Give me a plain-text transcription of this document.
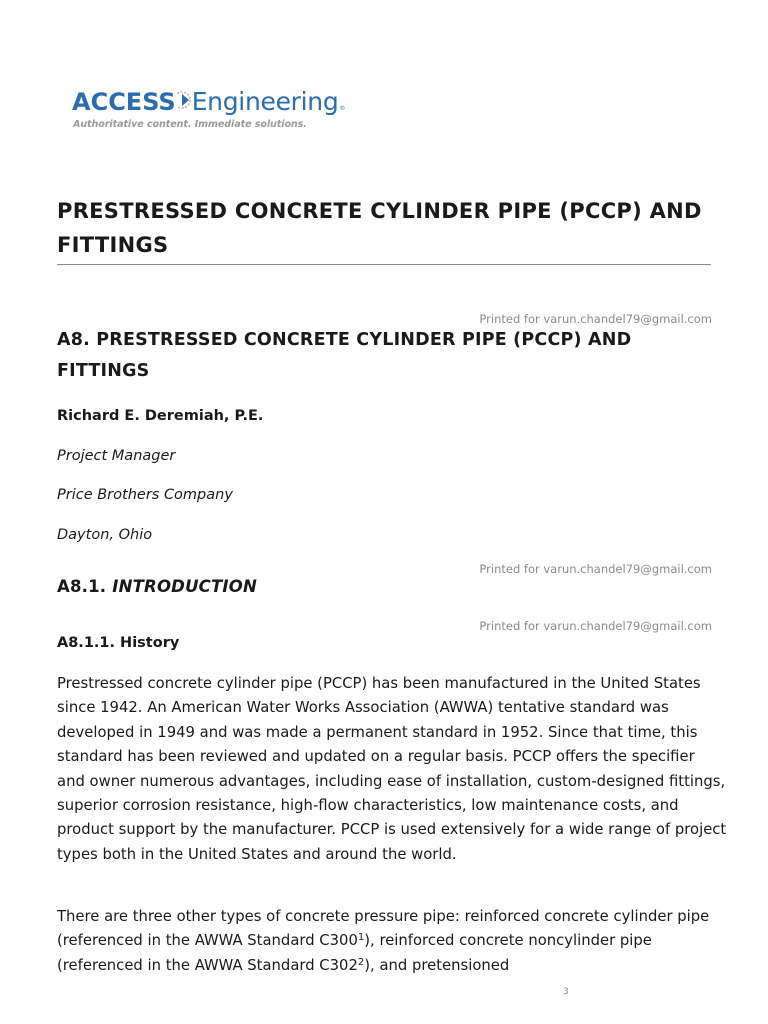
ACCESS Engineering ®
Authoritative content. Immediate solutions.
PRESTRESSED CONCRETE CYLINDER PIPE (PCCP) AND FITTINGS
Printed for varun.chandel79@gmail.com
A8. PRESTRESSED CONCRETE CYLINDER PIPE (PCCP) AND FITTINGS
Richard E. Deremiah, P.E.
Project Manager
Price Brothers Company
Dayton, Ohio
Printed for varun.chandel79@gmail.com
A8.1. INTRODUCTION
Printed for varun.chandel79@gmail.com
A8.1.1. History

Prestressed concrete cylinder pipe (PCCP) has been manufactured in the United States since 1942. An American Water Works Association (AWWA) tentative standard was developed in 1949 and was made a permanent standard in 1952. Since that time, this standard has been reviewed and updated on a regular basis. PCCP offers the specifier and owner numerous advantages, including ease of installation, custom-designed fittings, superior corrosion resistance, high-flow characteristics, low maintenance costs, and product support by the manufacturer. PCCP is used extensively for a wide range of project types both in the United States and around the world.

There are three other types of concrete pressure pipe: reinforced concrete cylinder pipe (referenced in the AWWA Standard $C300^1$), reinforced concrete noncylinder pipe (referenced in the AWWA Standard $C302^2$), and pretensioned

3
